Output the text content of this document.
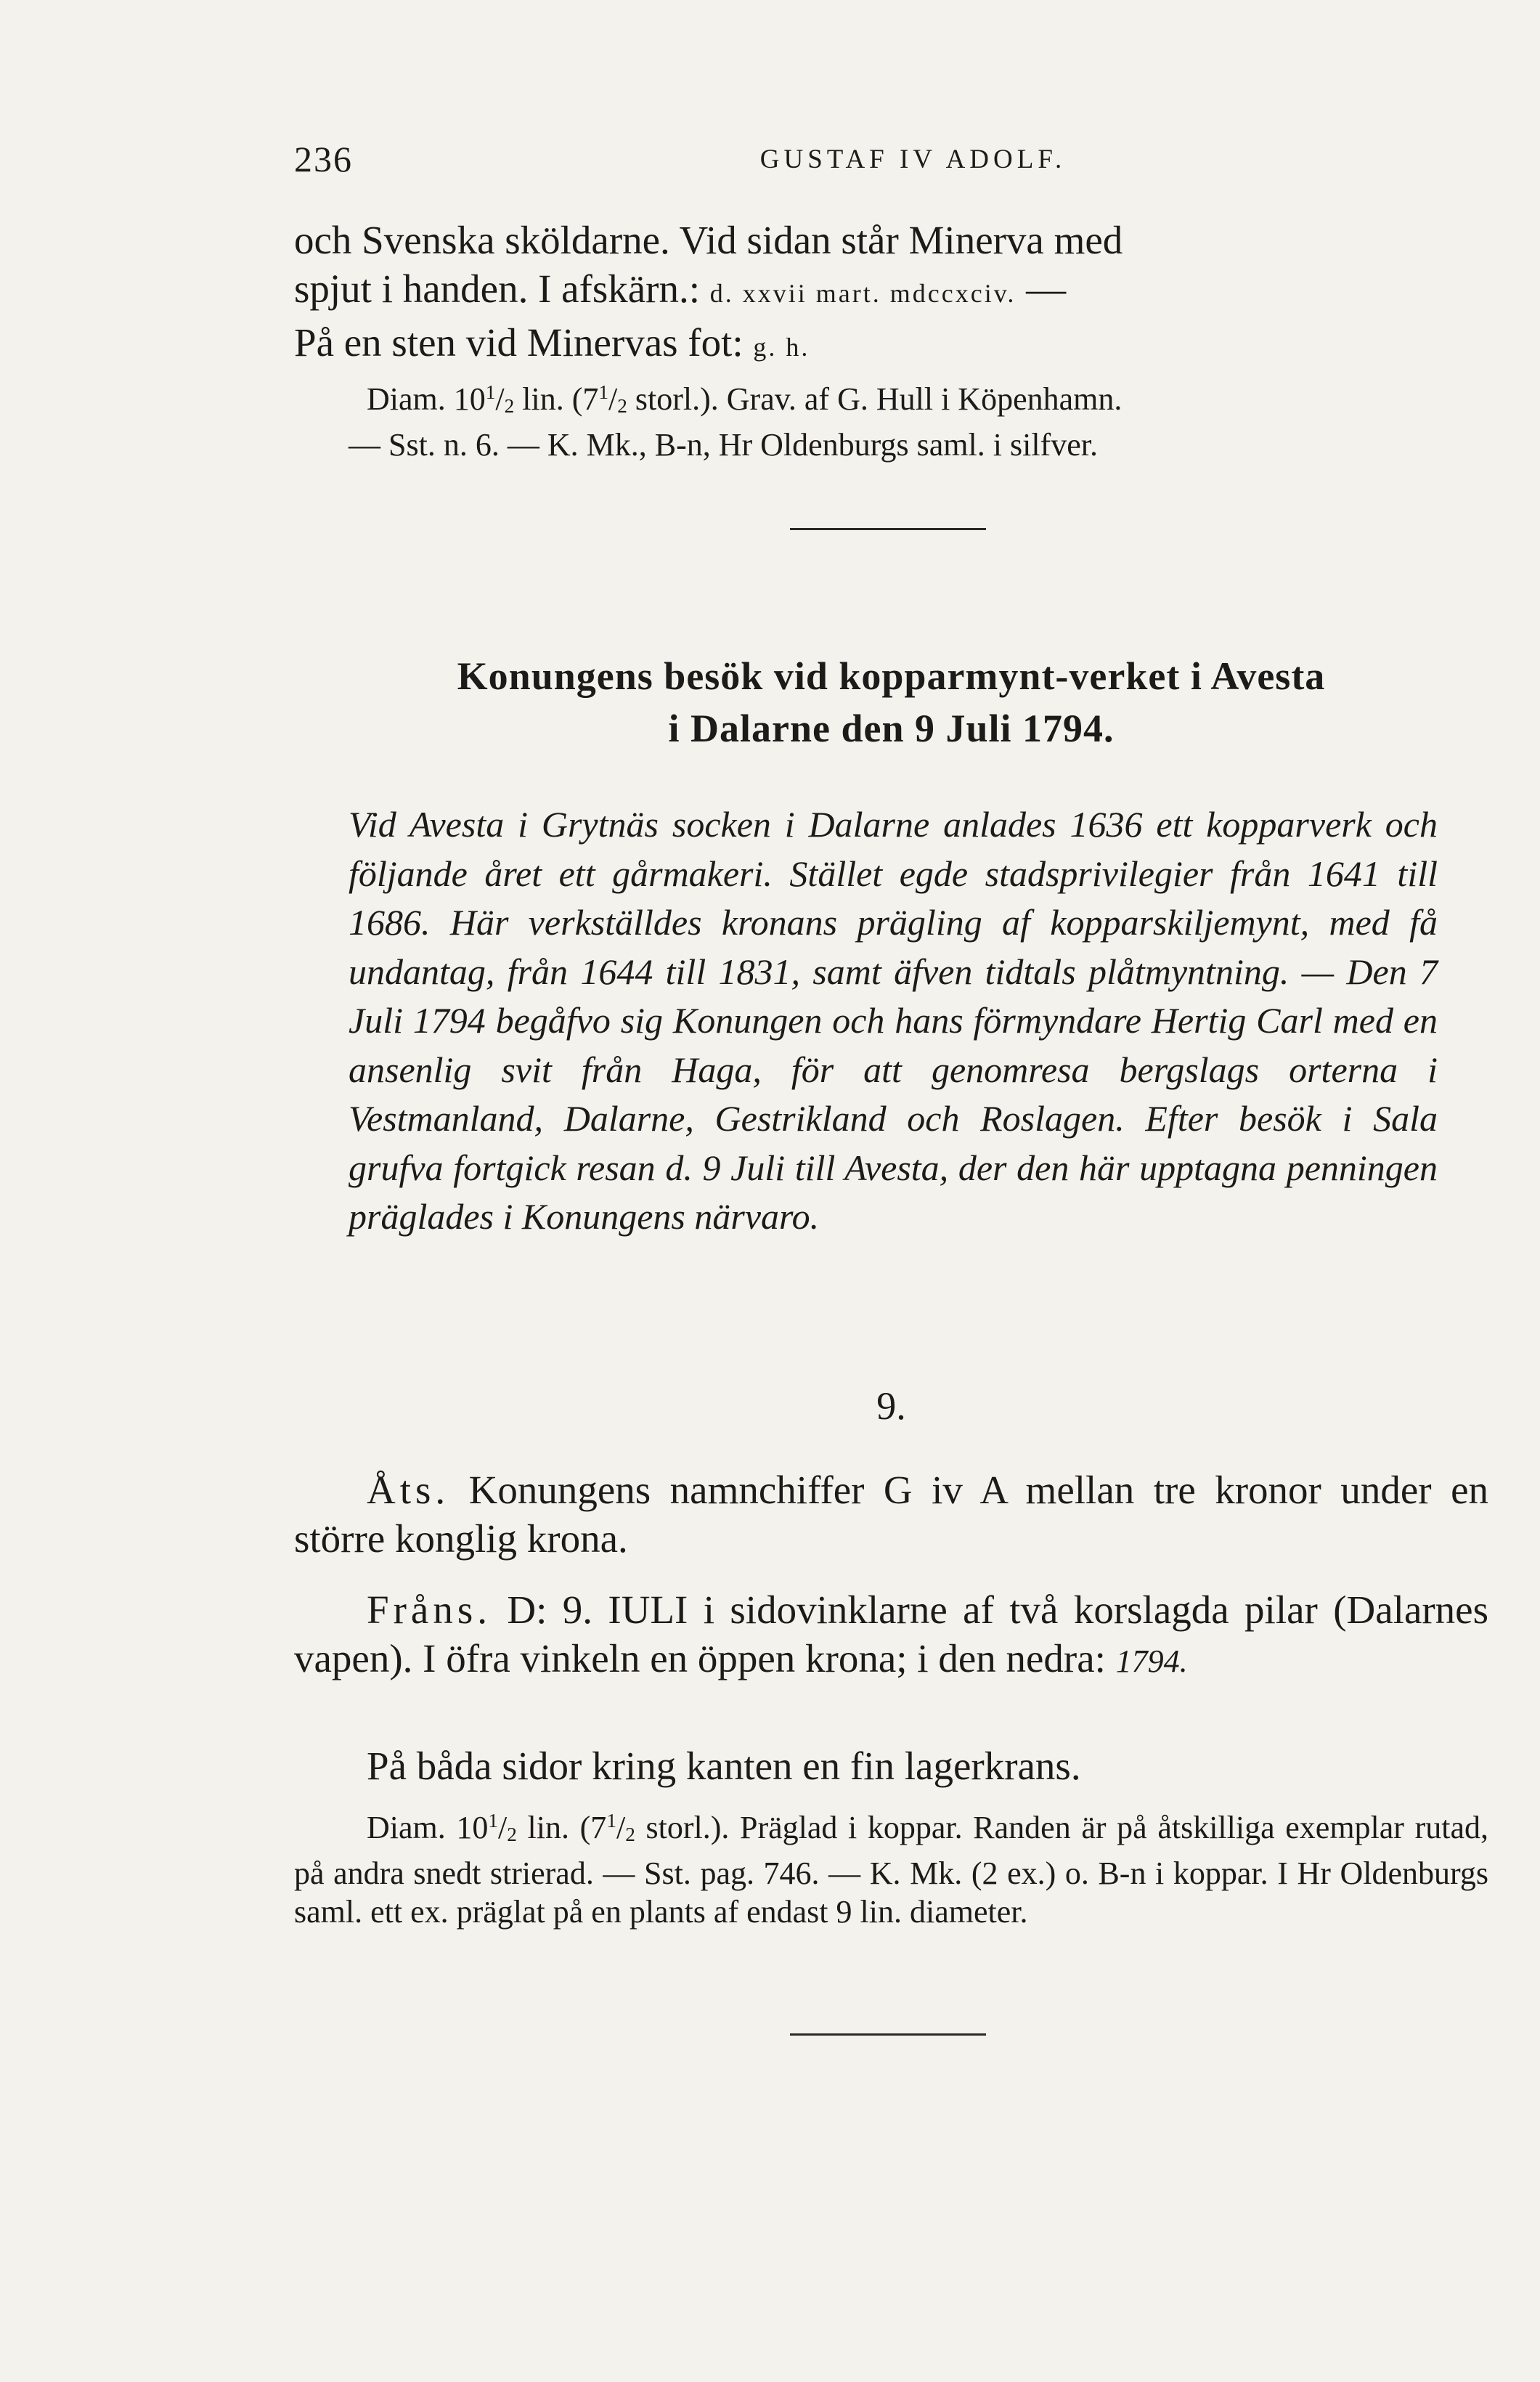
236	GUSTAF IV ADOLF.

och Svenska sköldarne. Vid sidan står Minerva med

spjut i handen. I afskärn.: d. xxvii mart. mdccxciv. —

På en sten vid Minervas fot: g. h.

Diam. $10^1/2$ lin. ($7^1/2$ storl.). Grav. af G. Hull i Köpenhamn.

— Sst. n. 6. — K. Mk., B-n, Hr Oldenburgs saml. i silfver.

Konungens besök vid kopparmynt-verket i Avesta
i Dalarne den 9 Juli 1794.

Vid Avesta i Grytnäs socken i Dalarne anlades 1636 ett kopparverk och följande året ett gårmakeri. Stället egde stadsprivilegier från 1641 till 1686. Här verkställdes kronans prägling af kopparskiljemynt, med få undantag, från 1644 till 1831, samt äfven tidtals plåtmyntning. — Den 7 Juli 1794 begåfvo sig Konungen och hans förmyndare Hertig Carl med en ansenlig svit från Haga, för att genomresa bergslags orterna i Vestmanland, Dalarne, Gestrikland och Roslagen. Efter besök i Sala grufva fortgick resan d. 9 Juli till Avesta, der den här upptagna penningen präglades i Konungens närvaro.

9.

Åts. Konungens namnchiffer G iv A mellan tre kronor under en större konglig krona.

Fråns. D: 9. IULI i sidovinklarne af två korslagda pilar (Dalarnes vapen). I öfra vinkeln en öppen krona; i den nedra: 1794.

På båda sidor kring kanten en fin lagerkrans.

Diam. $10^1/2$ lin. ($7^1/2$ storl.). Präglad i koppar. Randen är på åtskilliga exemplar rutad, på andra snedt strierad. — Sst. pag. 746. — K. Mk. (2 ex.) o. B-n i koppar. I Hr Oldenburgs saml. ett ex. präglat på en plants af endast 9 lin. diameter.
